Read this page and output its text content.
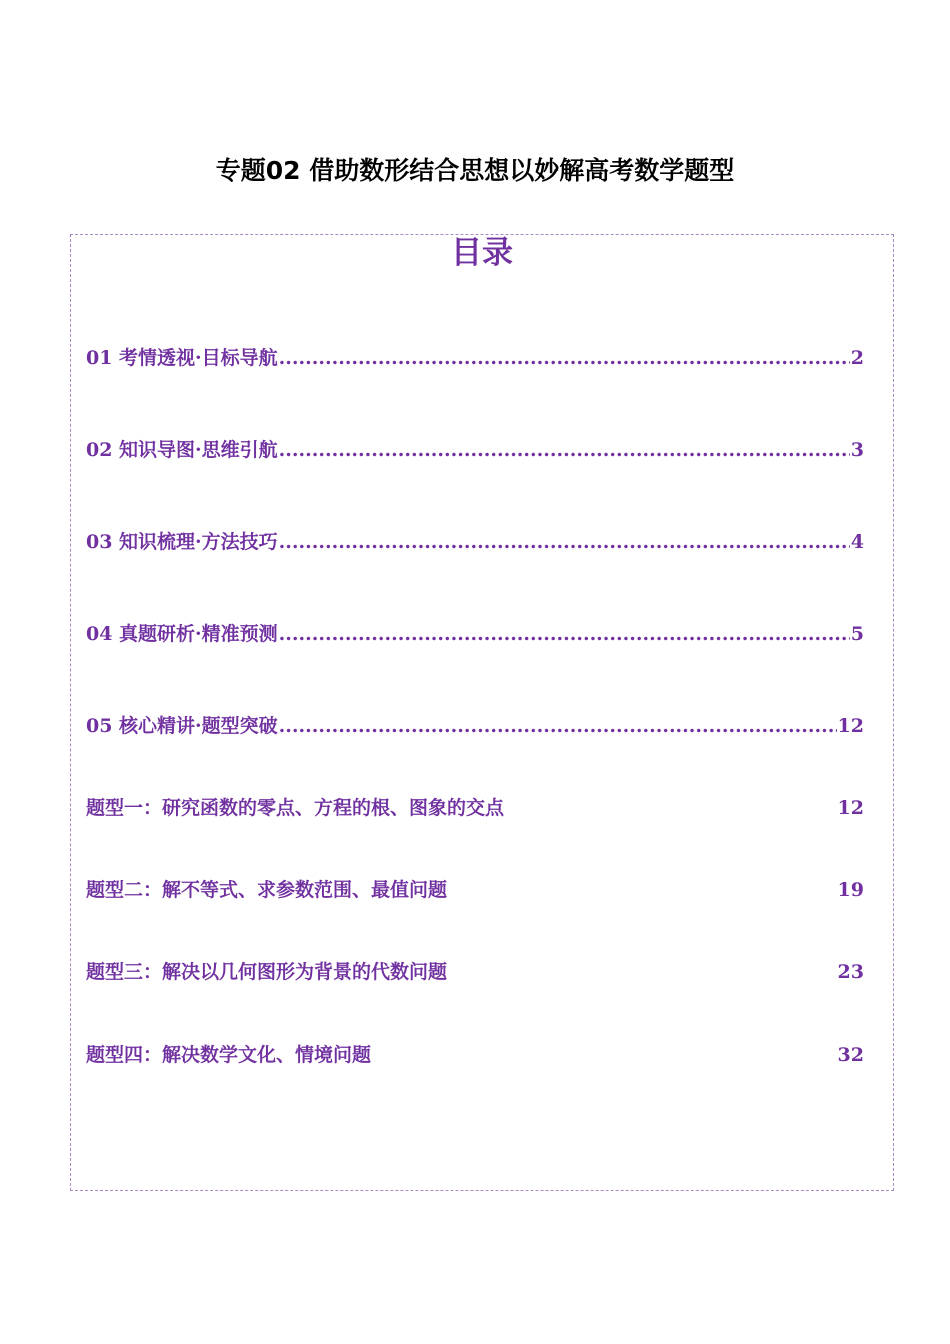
专题02 借助数形结合思想以妙解高考数学题型
目录
01 考情透视·目标导航 .....	2
02 知识导图·思维引航 .....	3
03 知识梳理·方法技巧 .....	4
04 真题研析·精准预测 .....	5
05 核心精讲·题型突破 .....	12
题型一：研究函数的零点、方程的根、图象的交点	12
题型二：解不等式、求参数范围、最值问题	19
题型三：解决以几何图形为背景的代数问题	23
题型四：解决数学文化、情境问题	32
